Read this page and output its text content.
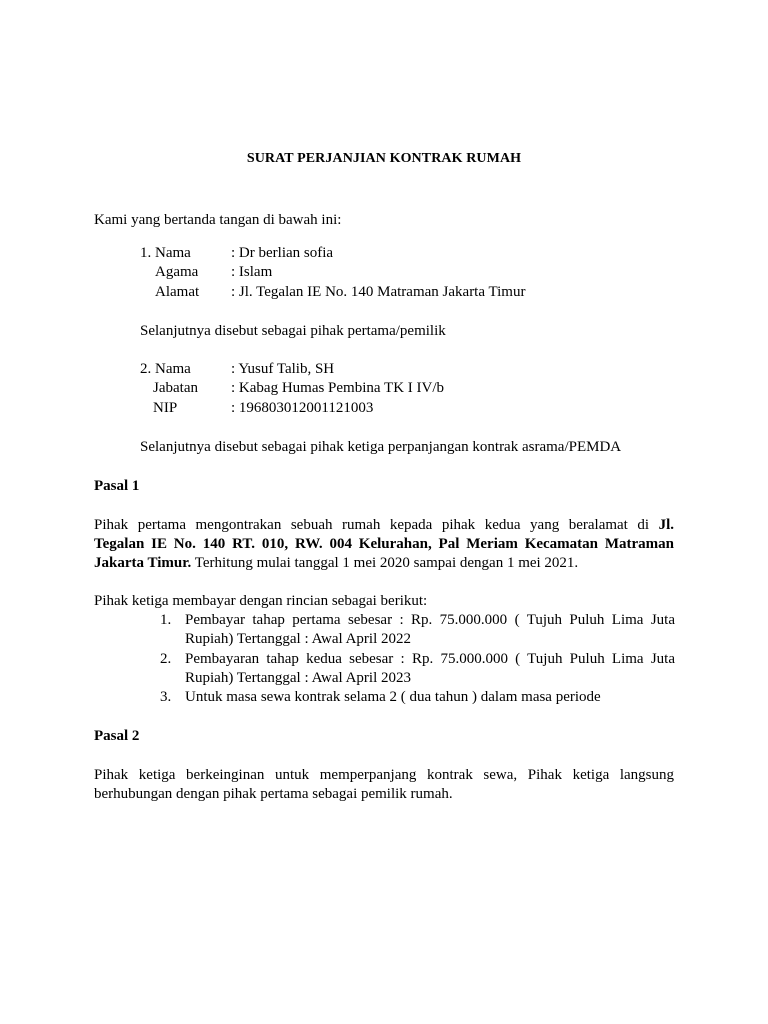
SURAT PERJANJIAN KONTRAK RUMAH
Kami yang bertanda tangan di bawah ini:
1. Nama	: Dr berlian sofia
Agama : Islam
Alamat : Jl. Tegalan IE No. 140 Matraman Jakarta Timur
Selanjutnya disebut sebagai pihak pertama/pemilik
2. Nama	: Yusuf Talib, SH
Jabatan : Kabag Humas Pembina TK I IV/b
NIP	: 196803012001121003
Selanjutnya disebut sebagai pihak ketiga perpanjangan kontrak asrama/PEMDA
Pasal 1
Pihak pertama mengontrakan sebuah rumah kepada pihak kedua yang beralamat di Jl.
Tegalan IE No. 140 RT. 010, RW. 004 Kelurahan, Pal Meriam Kecamatan Matraman
Jakarta Timur. Terhitung mulai tanggal 1 mei 2020 sampai dengan 1 mei 2021.
Pihak ketiga membayar dengan rincian sebagai berikut:
1. Pembayar tahap pertama sebesar : Rp. 75.000.000 ( Tujuh Puluh Lima Juta
Rupiah) Tertanggal : Awal April 2022
2. Pembayaran tahap kedua sebesar : Rp. 75.000.000 ( Tujuh Puluh Lima Juta
Rupiah) Tertanggal : Awal April 2023
3. Untuk masa sewa kontrak selama 2 ( dua tahun ) dalam masa periode
Pasal 2
Pihak ketiga berkeinginan untuk memperpanjang kontrak sewa, Pihak ketiga langsung
berhubungan dengan pihak pertama sebagai pemilik rumah.
